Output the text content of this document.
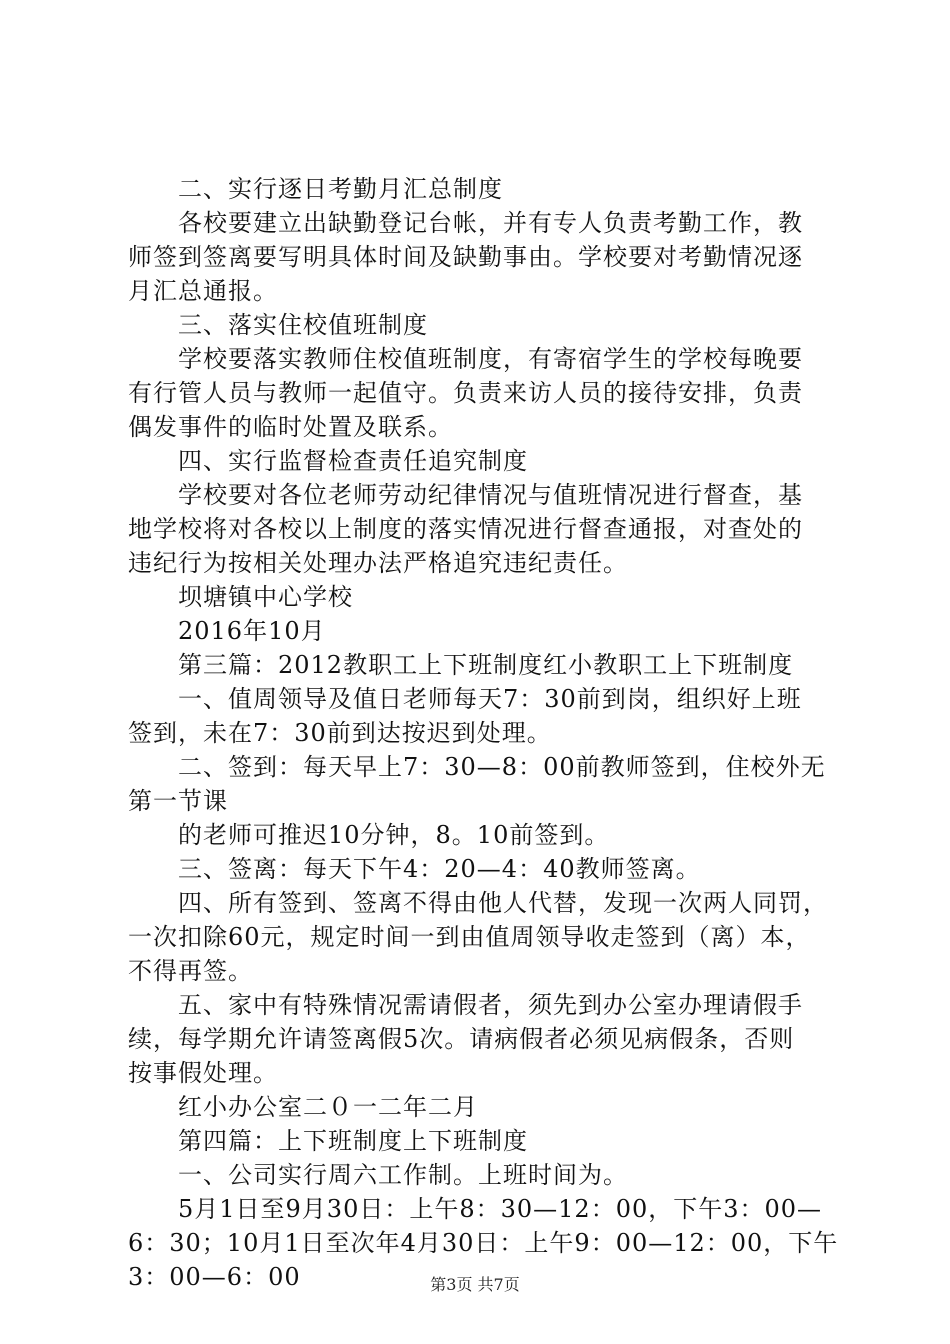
二、实行逐日考勤月汇总制度
各校要建立出缺勤登记台帐，并有专人负责考勤工作，教
师签到签离要写明具体时间及缺勤事由。学校要对考勤情况逐
月汇总通报。
三、落实住校值班制度
学校要落实教师住校值班制度，有寄宿学生的学校每晚要
有行管人员与教师一起值守。负责来访人员的接待安排，负责
偶发事件的临时处置及联系。
四、实行监督检查责任追究制度
学校要对各位老师劳动纪律情况与值班情况进行督查，基
地学校将对各校以上制度的落实情况进行督查通报，对查处的
违纪行为按相关处理办法严格追究违纪责任。
坝塘镇中心学校
2016年10月
第三篇：2012教职工上下班制度红小教职工上下班制度
一、值周领导及值日老师每天7：30前到岗，组织好上班
签到，未在7：30前到达按迟到处理。
二、签到：每天早上7：30—8：00前教师签到，住校外无
第一节课
的老师可推迟10分钟，8。10前签到。
三、签离：每天下午4：20—4：40教师签离。
四、所有签到、签离不得由他人代替，发现一次两人同罚，
一次扣除60元，规定时间一到由值周领导收走签到（离）本，
不得再签。
五、家中有特殊情况需请假者，须先到办公室办理请假手
续，每学期允许请签离假5次。请病假者必须见病假条，否则
按事假处理。
红小办公室二０一二年二月
第四篇：上下班制度上下班制度
一、公司实行周六工作制。上班时间为。
5月1日至9月30日：上午8：30—12：00，下午3：00—
6：30；10月1日至次年4月30日：上午9：00—12：00，下午
3：00—6：00	第3页 共7页
